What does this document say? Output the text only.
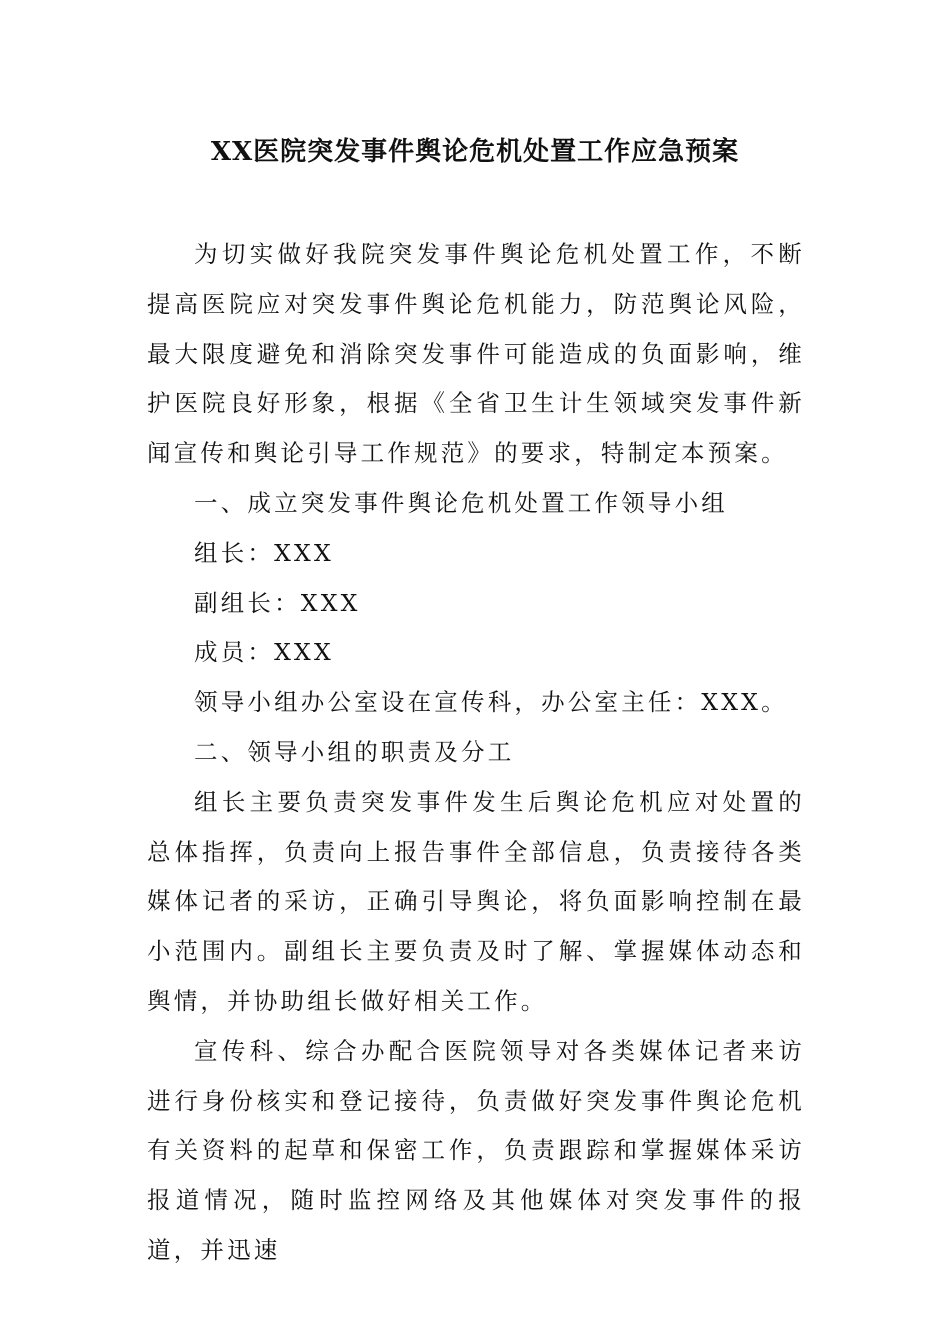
XX医院突发事件舆论危机处置工作应急预案

为切实做好我院突发事件舆论危机处置工作，不断提高医院应对突发事件舆论危机能力，防范舆论风险，最大限度避免和消除突发事件可能造成的负面影响，维护医院良好形象，根据《全省卫生计生领域突发事件新闻宣传和舆论引导工作规范》的要求，特制定本预案。

一、成立突发事件舆论危机处置工作领导小组

组长：XXX

副组长：XXX

成员：XXX

领导小组办公室设在宣传科，办公室主任：XXX。

二、领导小组的职责及分工

组长主要负责突发事件发生后舆论危机应对处置的总体指挥，负责向上报告事件全部信息，负责接待各类媒体记者的采访，正确引导舆论，将负面影响控制在最小范围内。副组长主要负责及时了解、掌握媒体动态和舆情，并协助组长做好相关工作。

宣传科、综合办配合医院领导对各类媒体记者来访进行身份核实和登记接待，负责做好突发事件舆论危机有关资料的起草和保密工作，负责跟踪和掌握媒体采访报道情况，随时监控网络及其他媒体对突发事件的报道，并迅速
